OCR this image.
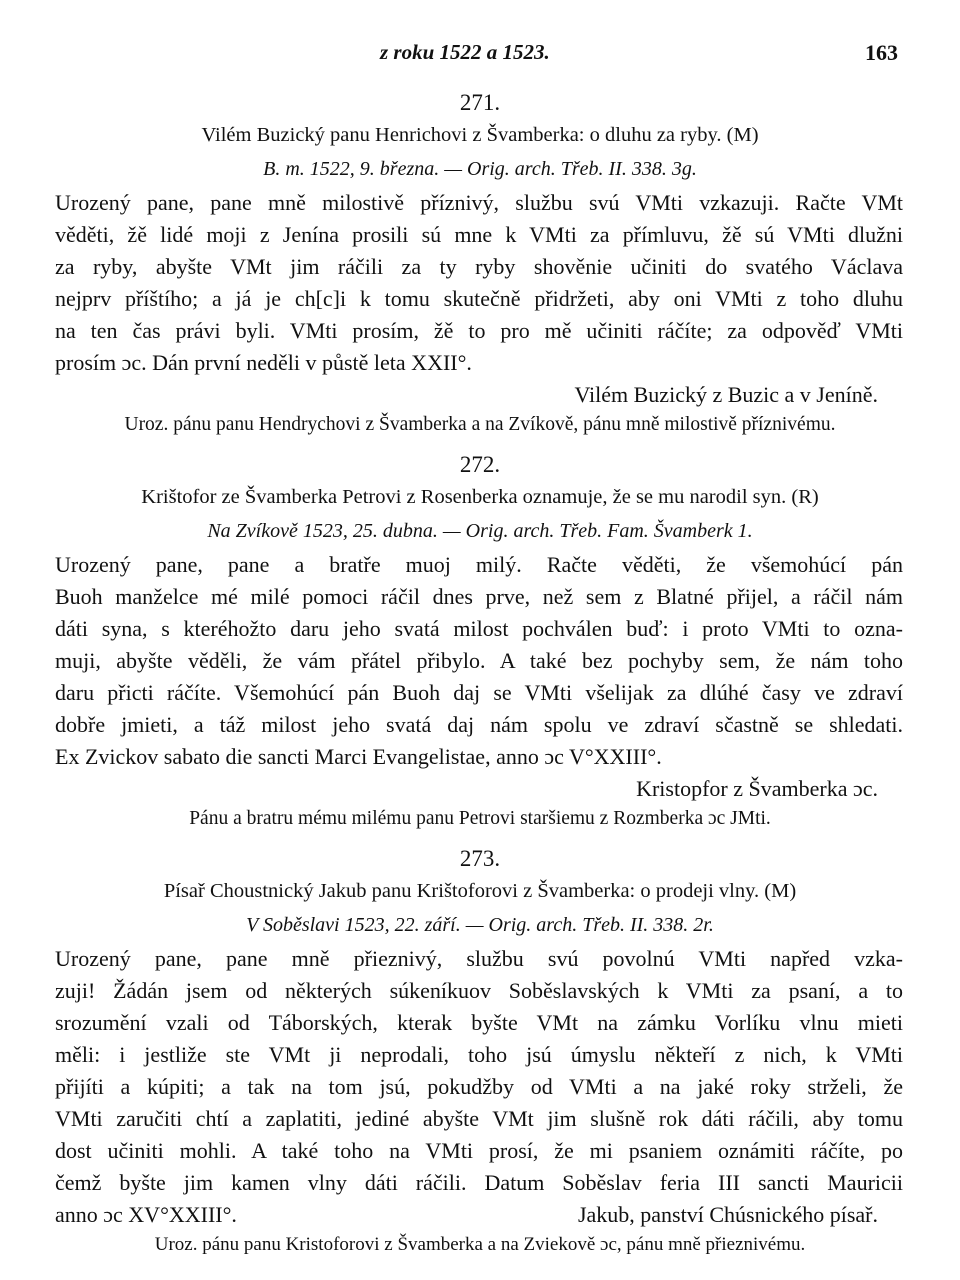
z roku 1522 a 1523.	163
271.
Vilém Buzický panu Henrichovi z Švamberka: o dluhu za ryby. (M)
B. m. 1522, 9. března. — Orig. arch. Třeb. II. 338. 3g.
Urozený pane, pane mně milostivě příznivý, službu svú VMti vzkazuji. Račte VMt
věděti, žě lidé moji z Jenína prosili sú mne k VMti za přímluvu, žě sú VMti dlužni
za ryby, abyšte VMt jim ráčili za ty ryby shověnie učiniti do svatého Václava
nejprv příštího; a já je ch[c]i k tomu skutečně přidržeti, aby oni VMti z toho dluhu
na ten čas právi byli. VMti prosím, žě to pro mě učiniti ráčíte; za odpověď VMti
prosím ɔc. Dán první neděli v půstě leta XXII°.
Vilém Buzický z Buzic a v Jeníně.
Uroz. pánu panu Hendrychovi z Švamberka a na Zvíkově, pánu mně milostivě příznivému.
272.
Krištofor ze Švamberka Petrovi z Rosenberka oznamuje, že se mu narodil syn. (R)
Na Zvíkově 1523, 25. dubna. — Orig. arch. Třeb. Fam. Švamberk 1.
Urozený pane, pane a bratře muoj milý. Račte věděti, že všemohúcí pán
Buoh manželce mé milé pomoci ráčil dnes prve, než sem z Blatné přijel, a ráčil nám
dáti syna, s kteréhožto daru jeho svatá milost pochválen buď: i proto VMti to ozna-
muji, abyšte věděli, že vám přátel přibylo. A také bez pochyby sem, že nám toho
daru přicti ráčíte. Všemohúcí pán Buoh daj se VMti všelijak za dlúhé časy ve zdraví
dobře jmieti, a táž milost jeho svatá daj nám spolu ve zdraví sčastně se shledati.
Ex Zvickov sabato die sancti Marci Evangelistae, anno ɔc V°XXIII°.
Kristopfor z Švamberka ɔc.
Pánu a bratru mému milému panu Petrovi staršiemu z Rozmberka ɔc JMti.
273.
Písař Choustnický Jakub panu Krištoforovi z Švamberka: o prodeji vlny. (M)
V Soběslavi 1523, 22. září. — Orig. arch. Třeb. II. 338. 2r.
Urozený pane, pane mně přieznivý, službu svú povolnú VMti napřed vzka-
zuji! Žádán jsem od některých súkeníkuov Soběslavských k VMti za psaní, a to
srozumění vzali od Táborských, kterak byšte VMt na zámku Vorlíku vlnu mieti
měli: i jestliže ste VMt ji neprodali, toho jsú úmyslu někteří z nich, k VMti
přijíti a kúpiti; a tak na tom jsú, pokudžby od VMti a na jaké roky strželi, že
VMti zaručiti chtí a zaplatiti, jediné abyšte VMt jim slušně rok dáti ráčili, aby tomu
dost učiniti mohli. A také toho na VMti prosí, že mi psaniem oznámiti ráčíte, po
čemž byšte jim kamen vlny dáti ráčili. Datum Soběslav feria III sancti Mauricii
anno ɔc XV°XXIII°.	Jakub, panství Chúsnického písař.
Uroz. pánu panu Kristoforovi z Švamberka a na Zviekově ɔc, pánu mně přieznivému.
